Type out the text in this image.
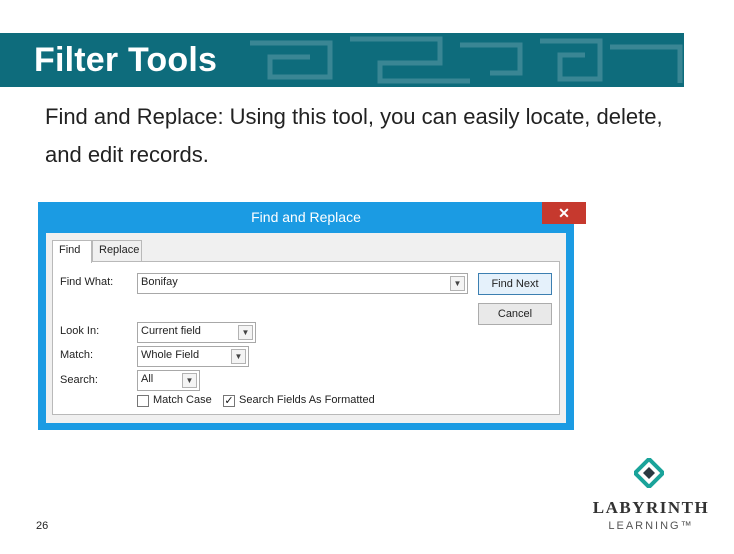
Filter Tools
Find and Replace: Using this tool, you can easily locate, delete, and edit records.
Find and Replace	✕
Find	Replace
Find What:	Bonifay	▼	Find Next
Cancel
Look In:	Current field	▼
Match:	Whole Field	▼
Search:	All	▼
Match Case ✓ Search Fields As Formatted
26
LABYRINTH
LEARNING™
